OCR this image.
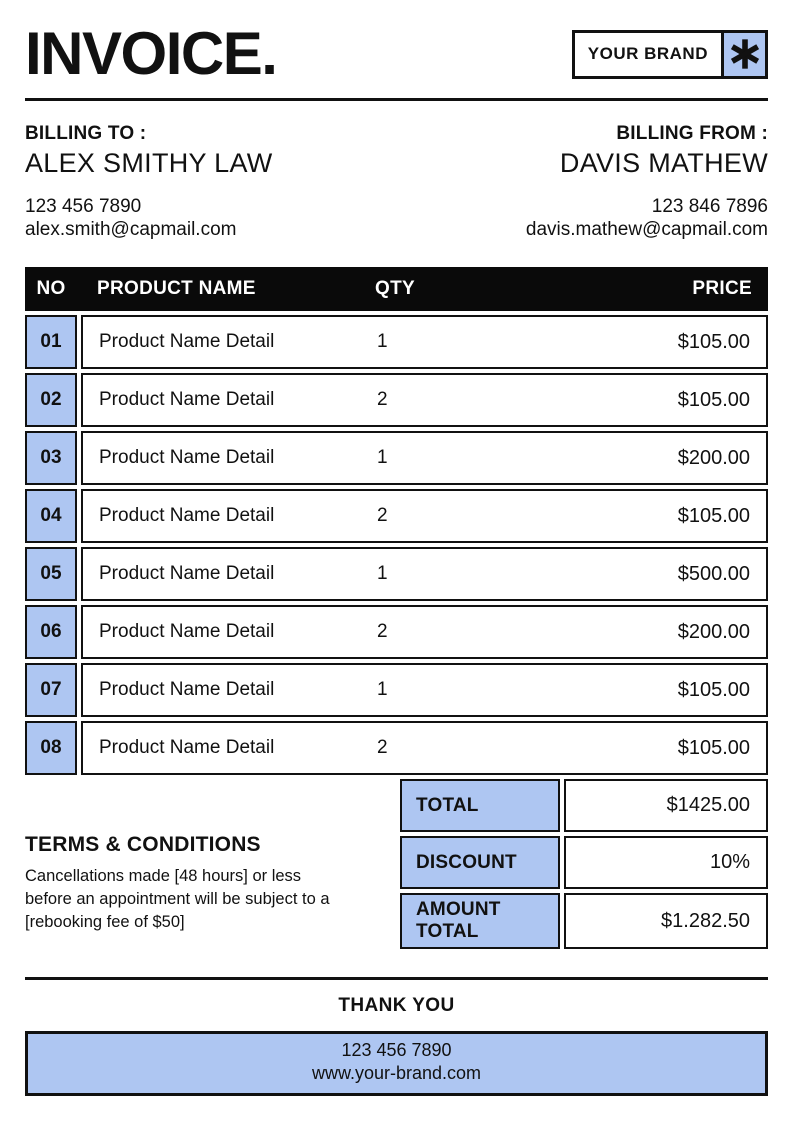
INVOICE.	YOUR BRAND
BILLING TO :
ALEX SMITHY LAW
123 456 7890
alex.smith@capmail.com
BILLING FROM :
DAVIS MATHEW
123 846 7896
davis.mathew@capmail.com
NO	PRODUCT NAME	QTY	PRICE
01	Product Name Detail	1	$105.00
02	Product Name Detail	2	$105.00
03	Product Name Detail	1	$200.00
04	Product Name Detail	2	$105.00
05	Product Name Detail	1	$500.00
06	Product Name Detail	2	$200.00
07	Product Name Detail	1	$105.00
08	Product Name Detail	2	$105.00
TERMS & CONDITIONS

Cancellations made [48 hours] or less before an appointment will be subject to a [rebooking fee of $50]

TOTAL	$1425.00
DISCOUNT	10%
AMOUNT TOTAL	$1.282.50
THANK YOU
123 456 7890
www.your-brand.com
